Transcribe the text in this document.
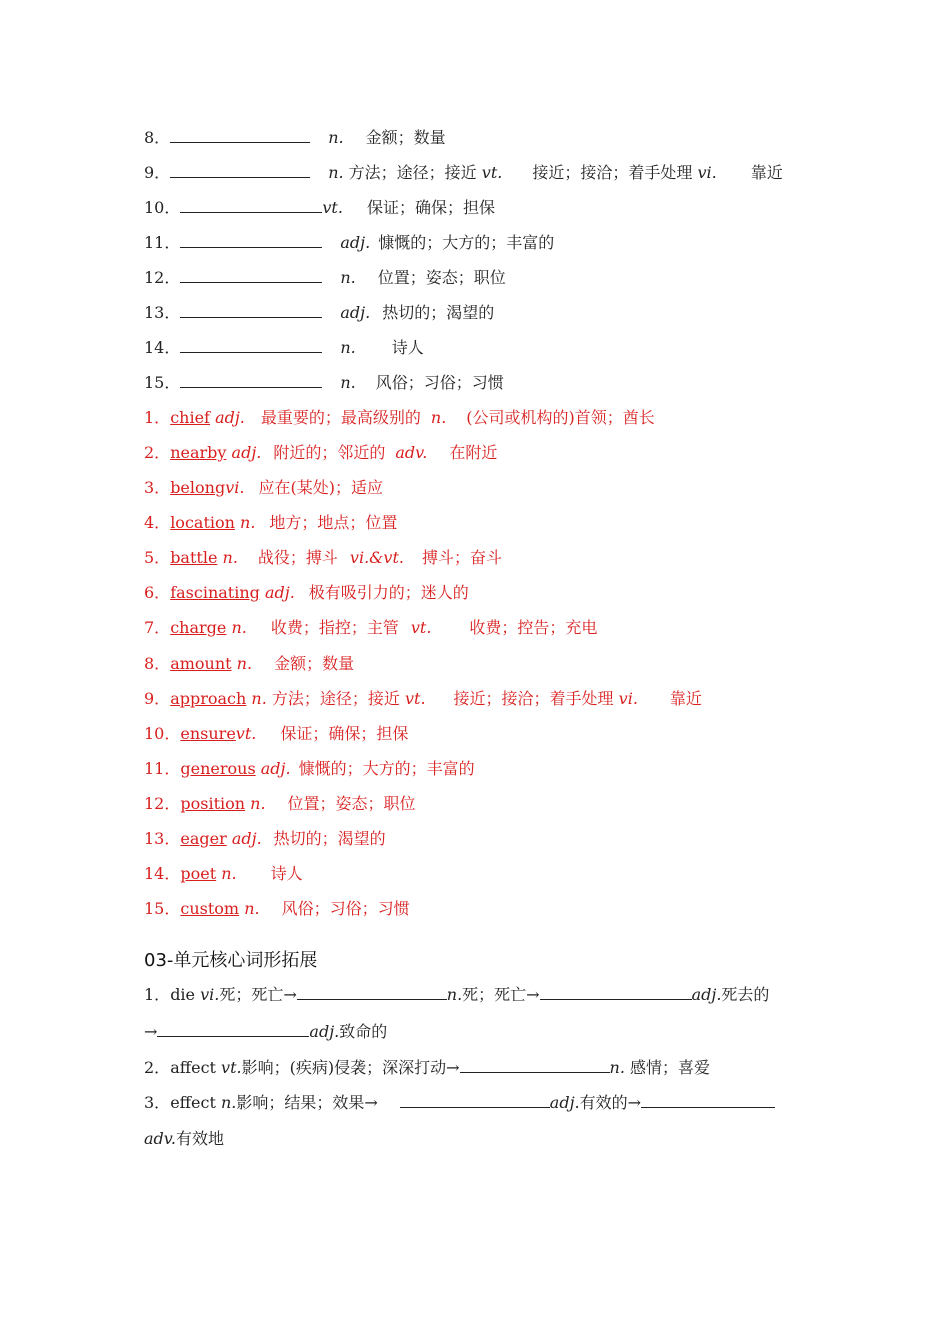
8．	n. 金额；数量
9．	n. 方法；途径；接近 vt. 接近；接洽；着手处理 vi. 靠近
10．	vt. 保证；确保；担保
11．	adj. 慷慨的；大方的；丰富的
12．	n. 位置；姿态；职位
13．	adj. 热切的；渴望的
14．	n. 诗人
15．	n. 风俗；习俗；习惯
1．chief adj. 最重要的；最高级别的 n. (公司或机构的)首领；酋长
2．nearby adj. 附近的；邻近的 adv. 在附近
3．belongvi. 应在(某处)；适应
4．location n. 地方；地点；位置
5．battle n. 战役；搏斗 vi.&vt. 搏斗；奋斗
6．fascinating adj. 极有吸引力的；迷人的
7．charge n. 收费；指控；主管 vt. 收费；控告；充电
8．amount n. 金额；数量
9．approach n. 方法；途径；接近 vt. 接近；接洽；着手处理 vi. 靠近
10．ensurevt. 保证；确保；担保
11．generous adj. 慷慨的；大方的；丰富的
12．position n. 位置；姿态；职位
13．eager adj. 热切的；渴望的
14．poet n. 诗人
15．custom n. 风俗；习俗；习惯
03-单元核心词形拓展
1．die vi.死；死亡→	n.死；死亡→	adj.死去的
→	adj.致命的
2．affect vt.影响；(疾病)侵袭；深深打动→	n. 感情；喜爱
3．effect n.影响；结果；效果→	adj.有效的→
adv.有效地
